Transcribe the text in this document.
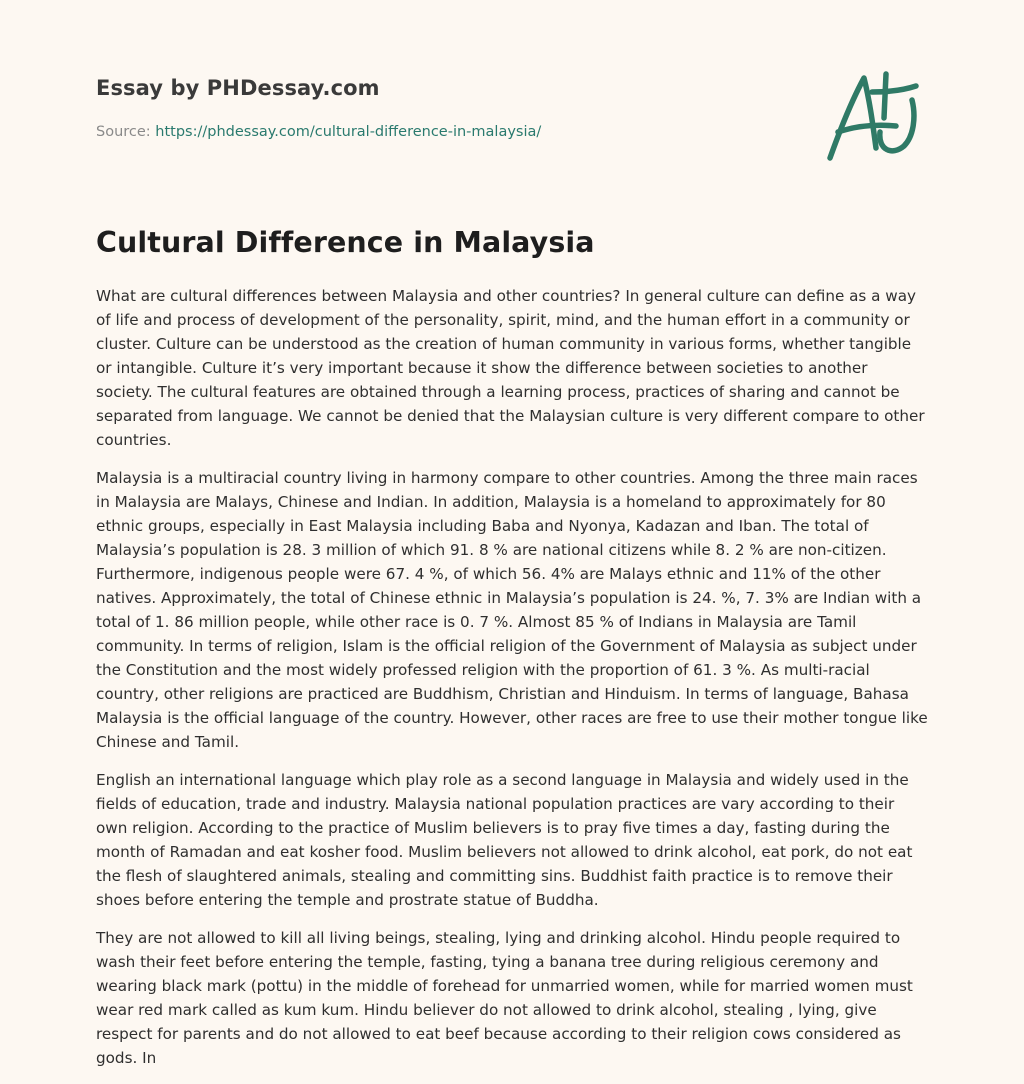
Essay by PHDessay.com
Source: https://phdessay.com/cultural-difference-in-malaysia/
Cultural Difference in Malaysia

What are cultural differences between Malaysia and other countries? In general culture can define as a way of life and process of development of the personality, spirit, mind, and the human effort in a community or cluster. Culture can be understood as the creation of human community in various forms, whether tangible or intangible. Culture it’s very important because it show the difference between societies to another society. The cultural features are obtained through a learning process, practices of sharing and cannot be separated from language. We cannot be denied that the Malaysian culture is very different compare to other countries.

Malaysia is a multiracial country living in harmony compare to other countries. Among the three main races in Malaysia are Malays, Chinese and Indian. In addition, Malaysia is a homeland to approximately for 80 ethnic groups, especially in East Malaysia including Baba and Nyonya, Kadazan and Iban. The total of Malaysia’s population is 28. 3 million of which 91. 8 % are national citizens while 8. 2 % are non-citizen. Furthermore, indigenous people were 67. 4 %, of which 56. 4% are Malays ethnic and 11% of the other natives. Approximately, the total of Chinese ethnic in Malaysia’s population is 24. %, 7. 3% are Indian with a total of 1. 86 million people, while other race is 0. 7 %. Almost 85 % of Indians in Malaysia are Tamil community. In terms of religion, Islam is the official religion of the Government of Malaysia as subject under the Constitution and the most widely professed religion with the proportion of 61. 3 %. As multi-racial country, other religions are practiced are Buddhism, Christian and Hinduism. In terms of language, Bahasa Malaysia is the official language of the country. However, other races are free to use their mother tongue like Chinese and Tamil.

English an international language which play role as a second language in Malaysia and widely used in the fields of education, trade and industry. Malaysia national population practices are vary according to their own religion. According to the practice of Muslim believers is to pray five times a day, fasting during the month of Ramadan and eat kosher food. Muslim believers not allowed to drink alcohol, eat pork, do not eat the flesh of slaughtered animals, stealing and committing sins. Buddhist faith practice is to remove their shoes before entering the temple and prostrate statue of Buddha.

They are not allowed to kill all living beings, stealing, lying and drinking alcohol. Hindu people required to wash their feet before entering the temple, fasting, tying a banana tree during religious ceremony and wearing black mark (pottu) in the middle of forehead for unmarried women, while for married women must wear red mark called as kum kum. Hindu believer do not allowed to drink alcohol, stealing , lying, give respect for parents and do not allowed to eat beef because according to their religion cows considered as gods. In
